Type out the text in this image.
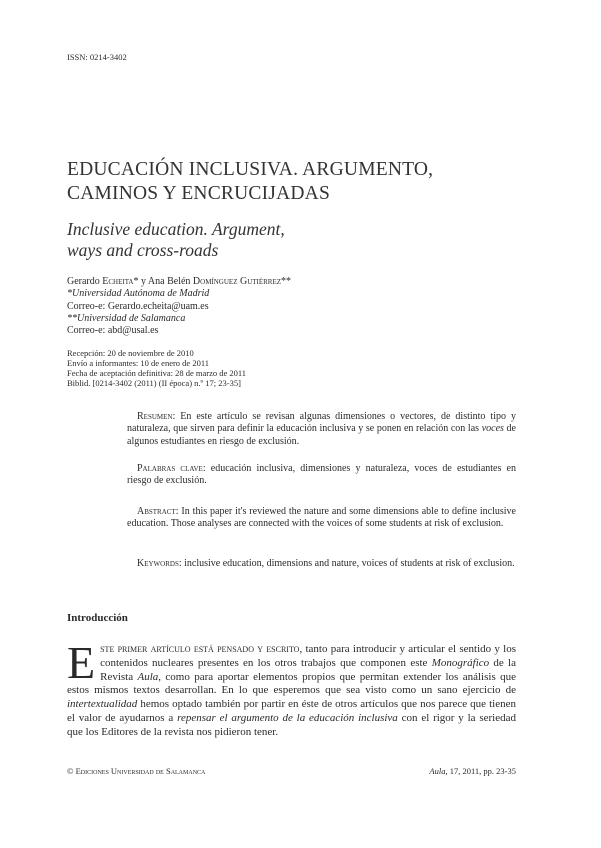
ISSN: 0214-3402
EDUCACIÓN INCLUSIVA. ARGUMENTO,
CAMINOS Y ENCRUCIJADAS
Inclusive education. Argument,
ways and cross-roads
Gerardo Echeita* y Ana Belén Domínguez Gutiérrez**
*Universidad Autónoma de Madrid
Correo-e: Gerardo.echeita@uam.es
**Universidad de Salamanca
Correo-e: abd@usal.es
Recepción: 20 de noviembre de 2010
Envío a informantes: 10 de enero de 2011
Fecha de aceptación definitiva: 28 de marzo de 2011
Biblid. [0214-3402 (2011) (II época) n.º 17; 23-35]
Resumen: En este artículo se revisan algunas dimensiones o vectores, de distinto tipo y naturaleza, que sirven para definir la educación inclusiva y se ponen en relación con las voces de algunos estudiantes en riesgo de exclusión.
Palabras clave: educación inclusiva, dimensiones y naturaleza, voces de estudiantes en riesgo de exclusión.
Abstract: In this paper it's reviewed the nature and some dimensions able to define inclusive education. Those analyses are connected with the voices of some students at risk of exclusion.
Keywords: inclusive education, dimensions and nature, voices of students at risk of exclusion.
Introducción
Este primer artículo está pensado y escrito, tanto para introducir y articular el sentido y los contenidos nucleares presentes en los otros trabajos que componen este Monográfico de la Revista Aula, como para aportar elementos propios que permitan extender los análisis que estos mismos textos desarrollan. En lo que esperemos que sea visto como un sano ejercicio de intertextualidad hemos optado también por partir en éste de otros artículos que nos parece que tienen el valor de ayudarnos a repensar el argumento de la educación inclusiva con el rigor y la seriedad que los Editores de la revista nos pidieron tener.
© Ediciones Universidad de Salamanca	Aula, 17, 2011, pp. 23-35
